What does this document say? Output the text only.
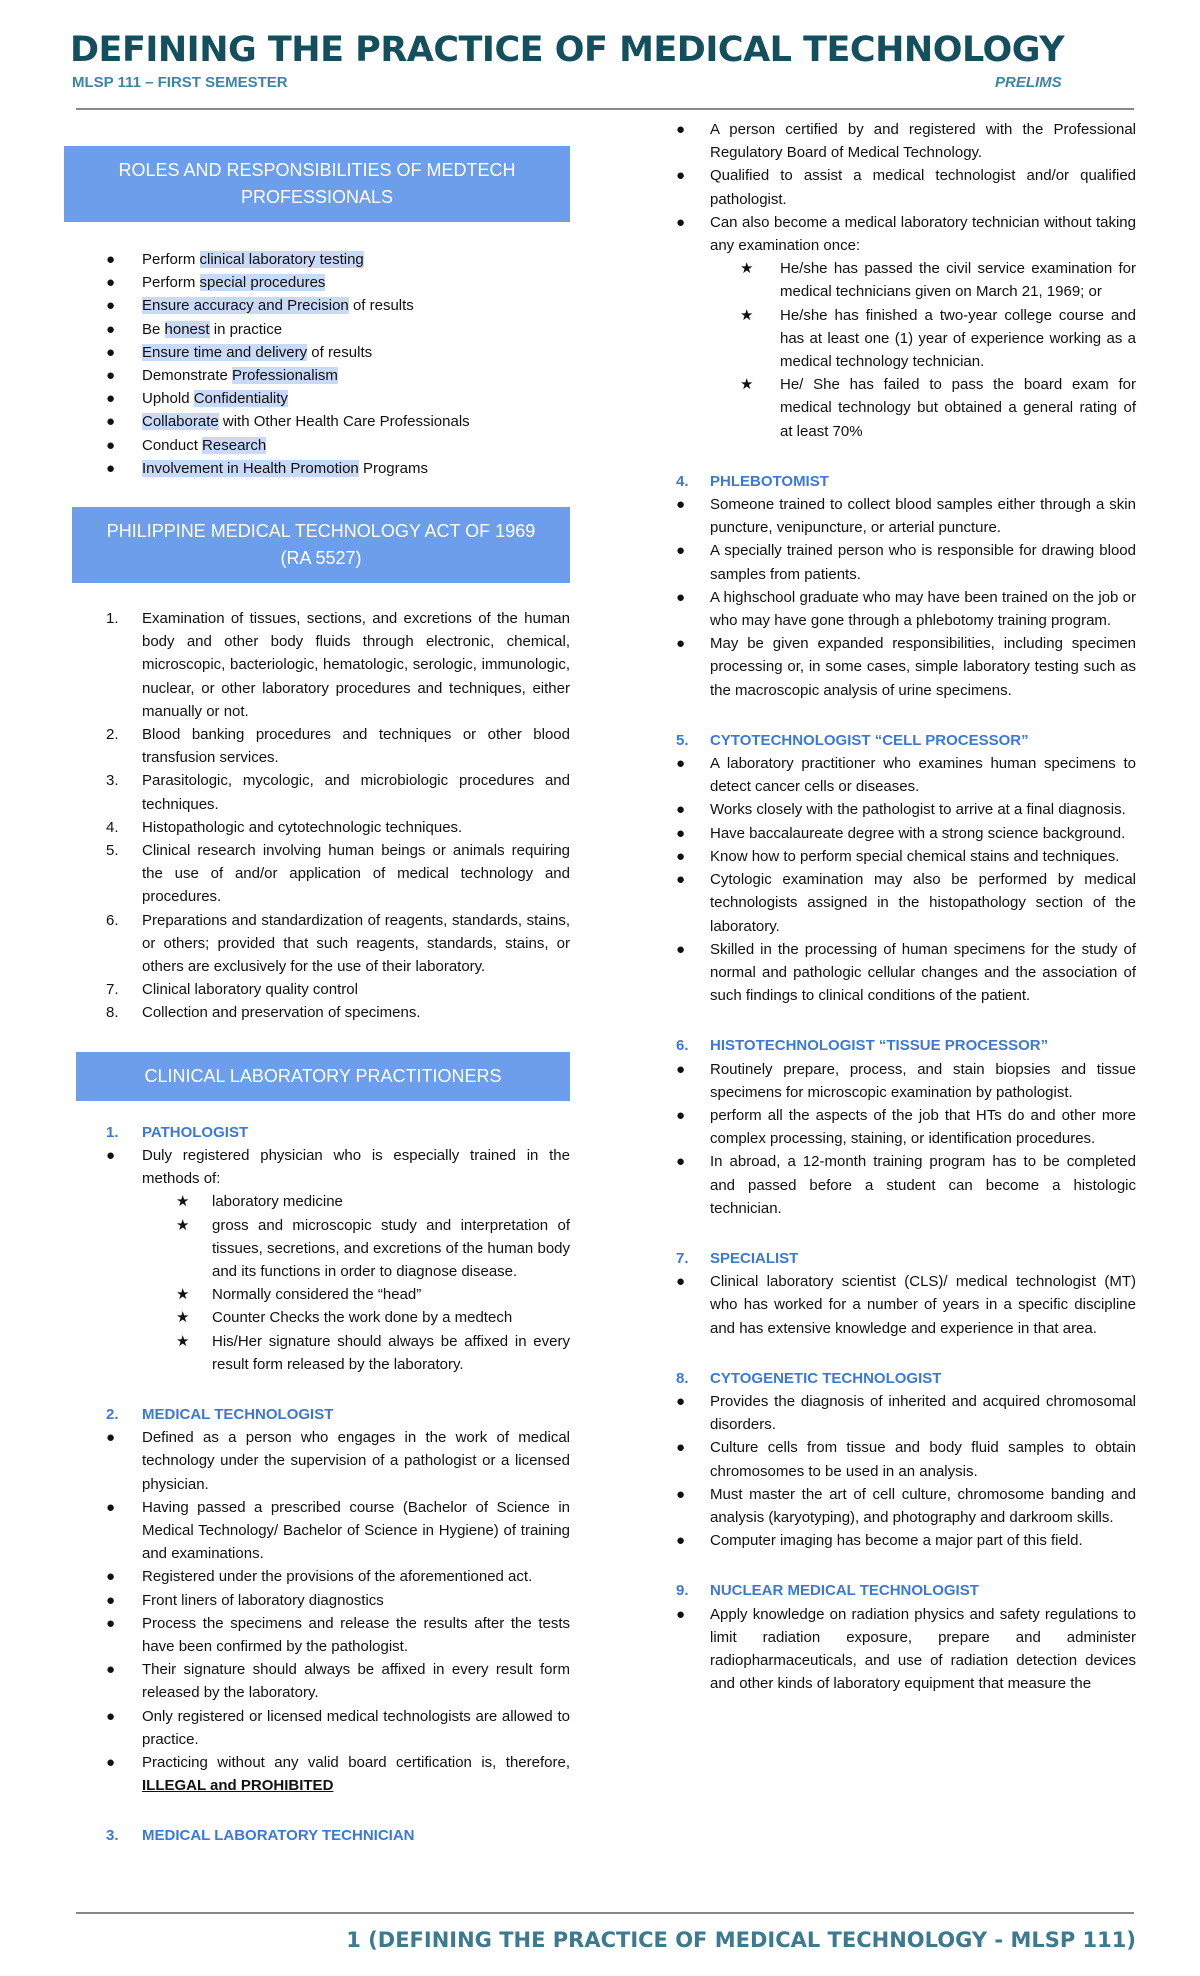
DEFINING THE PRACTICE OF MEDICAL TECHNOLOGY
MLSP 111 – FIRST SEMESTER	PRELIMS
ROLES AND RESPONSIBILITIES OF MEDTECH PROFESSIONALS
●	Perform clinical laboratory testing
●	Perform special procedures
●	Ensure accuracy and Precision of results
●	Be honest in practice
●	Ensure time and delivery of results
●	Demonstrate Professionalism
●	Uphold Confidentiality
●	Collaborate with Other Health Care Professionals
●	Conduct Research
●	Involvement in Health Promotion Programs
PHILIPPINE MEDICAL TECHNOLOGY ACT OF 1969 (RA 5527)
1. Examination of tissues, sections, and excretions of the human body and other body fluids through electronic, chemical, microscopic, bacteriologic, hematologic, serologic, immunologic, nuclear, or other laboratory procedures and techniques, either manually or not.
2. Blood banking procedures and techniques or other blood transfusion services.
3. Parasitologic, mycologic, and microbiologic procedures and techniques.
4. Histopathologic and cytotechnologic techniques.
5. Clinical research involving human beings or animals requiring the use of and/or application of medical technology and procedures.
6. Preparations and standardization of reagents, standards, stains, or others; provided that such reagents, standards, stains, or others are exclusively for the use of their laboratory.
7. Clinical laboratory quality control
8. Collection and preservation of specimens.
CLINICAL LABORATORY PRACTITIONERS
1. PATHOLOGIST
●	Duly registered physician who is especially trained in the methods of:
★	laboratory medicine
★	gross and microscopic study and interpretation of tissues, secretions, and excretions of the human body and its functions in order to diagnose disease.
★	Normally considered the “head”
★	Counter Checks the work done by a medtech
★	His/Her signature should always be affixed in every result form released by the laboratory.
2. MEDICAL TECHNOLOGIST
●	Defined as a person who engages in the work of medical technology under the supervision of a pathologist or a licensed physician.
●	Having passed a prescribed course (Bachelor of Science in Medical Technology/ Bachelor of Science in Hygiene) of training and examinations.
●	Registered under the provisions of the aforementioned act.
●	Front liners of laboratory diagnostics
●	Process the specimens and release the results after the tests have been confirmed by the pathologist.
●	Their signature should always be affixed in every result form released by the laboratory.
●	Only registered or licensed medical technologists are allowed to practice.
●	Practicing without any valid board certification is, therefore, ILLEGAL and PROHIBITED
3. MEDICAL LABORATORY TECHNICIAN
●	A person certified by and registered with the Professional Regulatory Board of Medical Technology.
●	Qualified to assist a medical technologist and/or qualified pathologist.
●	Can also become a medical laboratory technician without taking any examination once:
★	He/she has passed the civil service examination for medical technicians given on March 21, 1969; or
★	He/she has finished a two-year college course and has at least one (1) year of experience working as a medical technology technician.
★	He/ She has failed to pass the board exam for medical technology but obtained a general rating of at least 70%
4. PHLEBOTOMIST
●	Someone trained to collect blood samples either through a skin puncture, venipuncture, or arterial puncture.
●	A specially trained person who is responsible for drawing blood samples from patients.
●	A highschool graduate who may have been trained on the job or who may have gone through a phlebotomy training program.
●	May be given expanded responsibilities, including specimen processing or, in some cases, simple laboratory testing such as the macroscopic analysis of urine specimens.
5. CYTOTECHNOLOGIST “CELL PROCESSOR”
●	A laboratory practitioner who examines human specimens to detect cancer cells or diseases.
●	Works closely with the pathologist to arrive at a final diagnosis.
●	Have baccalaureate degree with a strong science background.
●	Know how to perform special chemical stains and techniques.
●	Cytologic examination may also be performed by medical technologists assigned in the histopathology section of the laboratory.
●	Skilled in the processing of human specimens for the study of normal and pathologic cellular changes and the association of such findings to clinical conditions of the patient.
6. HISTOTECHNOLOGIST “TISSUE PROCESSOR”
●	Routinely prepare, process, and stain biopsies and tissue specimens for microscopic examination by pathologist.
●	perform all the aspects of the job that HTs do and other more complex processing, staining, or identification procedures.
●	In abroad, a 12-month training program has to be completed and passed before a student can become a histologic technician.
7. SPECIALIST
●	Clinical laboratory scientist (CLS)/ medical technologist (MT) who has worked for a number of years in a specific discipline and has extensive knowledge and experience in that area.
8. CYTOGENETIC TECHNOLOGIST
●	Provides the diagnosis of inherited and acquired chromosomal disorders.
●	Culture cells from tissue and body fluid samples to obtain chromosomes to be used in an analysis.
●	Must master the art of cell culture, chromosome banding and analysis (karyotyping), and photography and darkroom skills.
●	Computer imaging has become a major part of this field.
9. NUCLEAR MEDICAL TECHNOLOGIST
●	Apply knowledge on radiation physics and safety regulations to limit radiation exposure, prepare and administer radiopharmaceuticals, and use of radiation detection devices and other kinds of laboratory equipment that measure the
1 (DEFINING THE PRACTICE OF MEDICAL TECHNOLOGY - MLSP 111)
